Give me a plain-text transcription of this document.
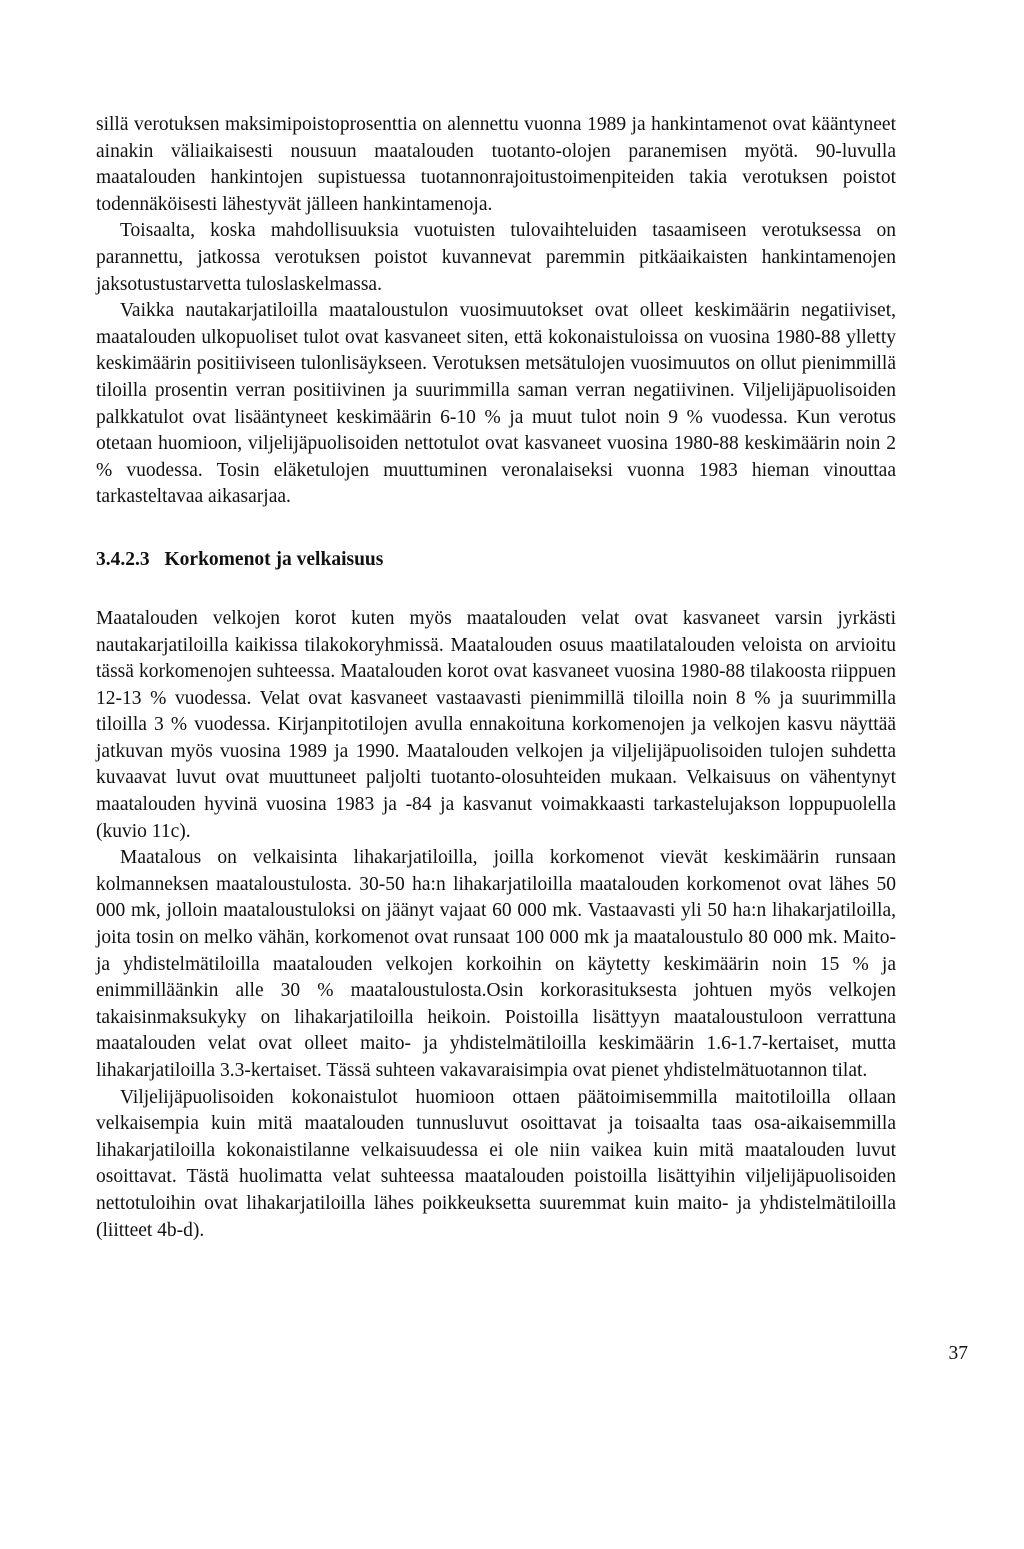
sillä verotuksen maksimipoistoprosenttia on alennettu vuonna 1989 ja hankintamenot ovat kääntyneet ainakin väliaikaisesti nousuun maatalouden tuotanto-olojen paranemisen myötä. 90-luvulla maatalouden hankintojen supistuessa tuotannonrajoitustoimenpiteiden takia verotuksen poistot todennäköisesti lähestyvät jälleen hankintamenoja.

Toisaalta, koska mahdollisuuksia vuotuisten tulovaihteluiden tasaamiseen verotuksessa on parannettu, jatkossa verotuksen poistot kuvannevat paremmin pitkäaikaisten hankintamenojen jaksotustustarvetta tuloslaskelmassa.

Vaikka nautakarjatiloilla maataloustulon vuosimuutokset ovat olleet keskimäärin negatiiviset, maatalouden ulkopuoliset tulot ovat kasvaneet siten, että kokonaistuloissa on vuosina 1980-88 ylletty keskimäärin positiiviseen tulonlisäykseen. Verotuksen metsätulojen vuosimuutos on ollut pienimmillä tiloilla prosentin verran positiivinen ja suurimmilla saman verran negatiivinen. Viljelijäpuolisoiden palkkatulot ovat lisääntyneet keskimäärin 6-10 % ja muut tulot noin 9 % vuodessa. Kun verotus otetaan huomioon, viljelijäpuolisoiden nettotulot ovat kasvaneet vuosina 1980-88 keskimäärin noin 2 % vuodessa. Tosin eläketulojen muuttuminen veronalaiseksi vuonna 1983 hieman vinouttaa tarkasteltavaa aikasarjaa.

3.4.2.3 Korkomenot ja velkaisuus

Maatalouden velkojen korot kuten myös maatalouden velat ovat kasvaneet varsin jyrkästi nautakarjatiloilla kaikissa tilakokoryhmissä. Maatalouden osuus maatilatalouden veloista on arvioitu tässä korkomenojen suhteessa. Maatalouden korot ovat kasvaneet vuosina 1980-88 tilakoosta riippuen 12-13 % vuodessa. Velat ovat kasvaneet vastaavasti pienimmillä tiloilla noin 8 % ja suurimmilla tiloilla 3 % vuodessa. Kirjanpitotilojen avulla ennakoituna korkomenojen ja velkojen kasvu näyttää jatkuvan myös vuosina 1989 ja 1990. Maatalouden velkojen ja viljelijäpuolisoiden tulojen suhdetta kuvaavat luvut ovat muuttuneet paljolti tuotanto-olosuhteiden mukaan. Velkaisuus on vähentynyt maatalouden hyvinä vuosina 1983 ja -84 ja kasvanut voimakkaasti tarkastelujakson loppupuolella (kuvio 11c).

Maatalous on velkaisinta lihakarjatiloilla, joilla korkomenot vievät keskimäärin runsaan kolmanneksen maataloustulosta. 30-50 ha:n lihakarjatiloilla maatalouden korkomenot ovat lähes 50 000 mk, jolloin maataloustuloksi on jäänyt vajaat 60 000 mk. Vastaavasti yli 50 ha:n lihakarjatiloilla, joita tosin on melko vähän, korkomenot ovat runsaat 100 000 mk ja maataloustulo 80 000 mk. Maito- ja yhdistelmätiloilla maatalouden velkojen korkoihin on käytetty keskimäärin noin 15 % ja enimmilläänkin alle 30 % maataloustulosta.Osin korkorasituksesta johtuen myös velkojen takaisinmaksukyky on lihakarjatiloilla heikoin. Poistoilla lisättyyn maataloustuloon verrattuna maatalouden velat ovat olleet maito- ja yhdistelmätiloilla keskimäärin 1.6-1.7-kertaiset, mutta lihakarjatiloilla 3.3-kertaiset. Tässä suhteen vakavaraisimpia ovat pienet yhdistelmätuotannon tilat.

Viljelijäpuolisoiden kokonaistulot huomioon ottaen päätoimisemmilla maitotiloilla ollaan velkaisempia kuin mitä maatalouden tunnusluvut osoittavat ja toisaalta taas osa-aikaisemmilla lihakarjatiloilla kokonaistilanne velkaisuudessa ei ole niin vaikea kuin mitä maatalouden luvut osoittavat. Tästä huolimatta velat suhteessa maatalouden poistoilla lisättyihin viljelijäpuolisoiden nettotuloihin ovat lihakarjatiloilla lähes poikkeuksetta suuremmat kuin maito- ja yhdistelmätiloilla (liitteet 4b-d).

37
